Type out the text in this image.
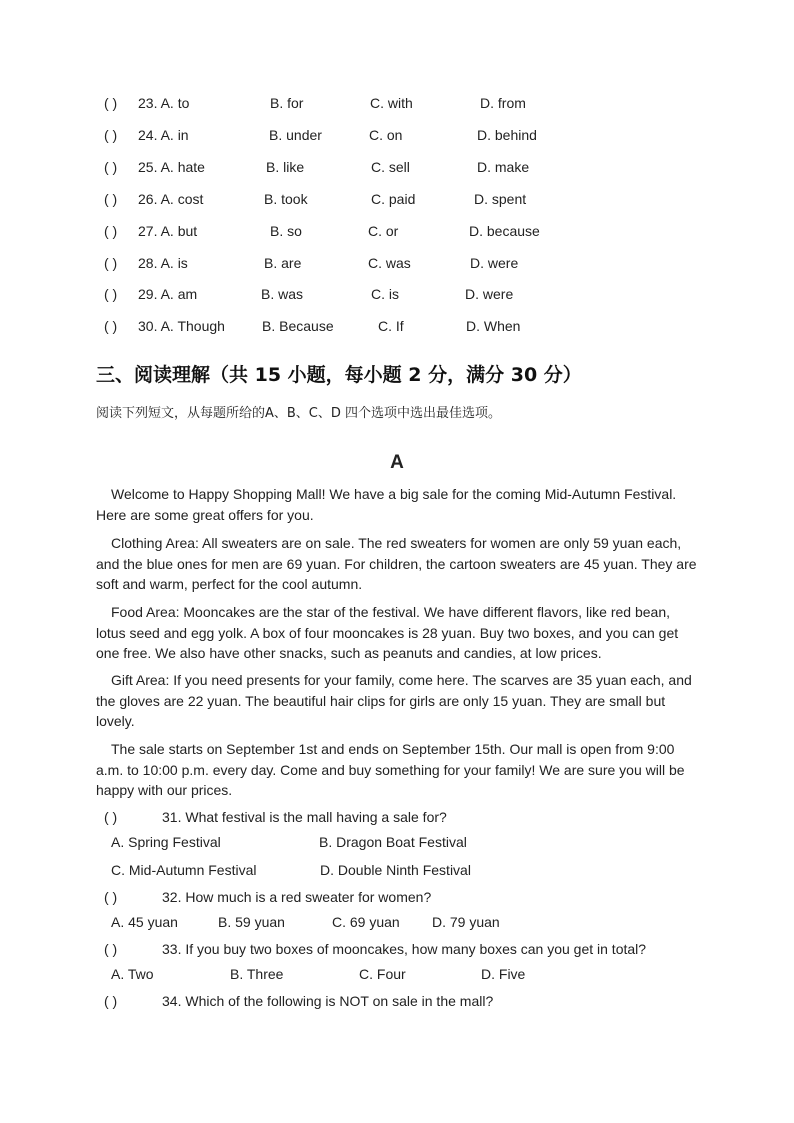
( ) 23. A. to	B. for	C. with	D. from
( ) 24. A. in	B. under	C. on	D. behind
( ) 25. A. hate	B. like	C. sell	D. make
( ) 26. A. cost	B. took	C. paid	D. spent
( ) 27. A. but	B. so	C. or	D. because
( ) 28. A. is	B. are	C. was	D. were
( ) 29. A. am	B. was	C. is	D. were
( ) 30. A. Though	B. Because	C. If	D. When
三、阅读理解（共 15 小题，每小题 2 分，满分 30 分）
阅读下列短文，从每题所给的A、B、C、D 四个选项中选出最佳选项。
A

Welcome to Happy Shopping Mall! We have a big sale for the coming Mid-Autumn Festival. Here are some great offers for you.

Clothing Area: All sweaters are on sale. The red sweaters for women are only 59 yuan each, and the blue ones for men are 69 yuan. For children, the cartoon sweaters are 45 yuan. They are soft and warm, perfect for the cool autumn.

Food Area: Mooncakes are the star of the festival. We have different flavors, like red bean, lotus seed and egg yolk. A box of four mooncakes is 28 yuan. Buy two boxes, and you can get one free. We also have other snacks, such as peanuts and candies, at low prices.

Gift Area: If you need presents for your family, come here. The scarves are 35 yuan each, and the gloves are 22 yuan. The beautiful hair clips for girls are only 15 yuan. They are small but lovely.

The sale starts on September 1st and ends on September 15th. Our mall is open from 9:00 a.m. to 10:00 p.m. every day. Come and buy something for your family! We are sure you will be happy with our prices.

( )	31. What festival is the mall having a sale for?
A. Spring Festival	B. Dragon Boat Festival
C. Mid-Autumn Festival	D. Double Ninth Festival
( )	32. How much is a red sweater for women?
A. 45 yuan	B. 59 yuan	C. 69 yuan D. 79 yuan
( )	33. If you buy two boxes of mooncakes, how many boxes can you get in total?
A. Two	B. Three	C. Four	D. Five
( )	34. Which of the following is NOT on sale in the mall?
